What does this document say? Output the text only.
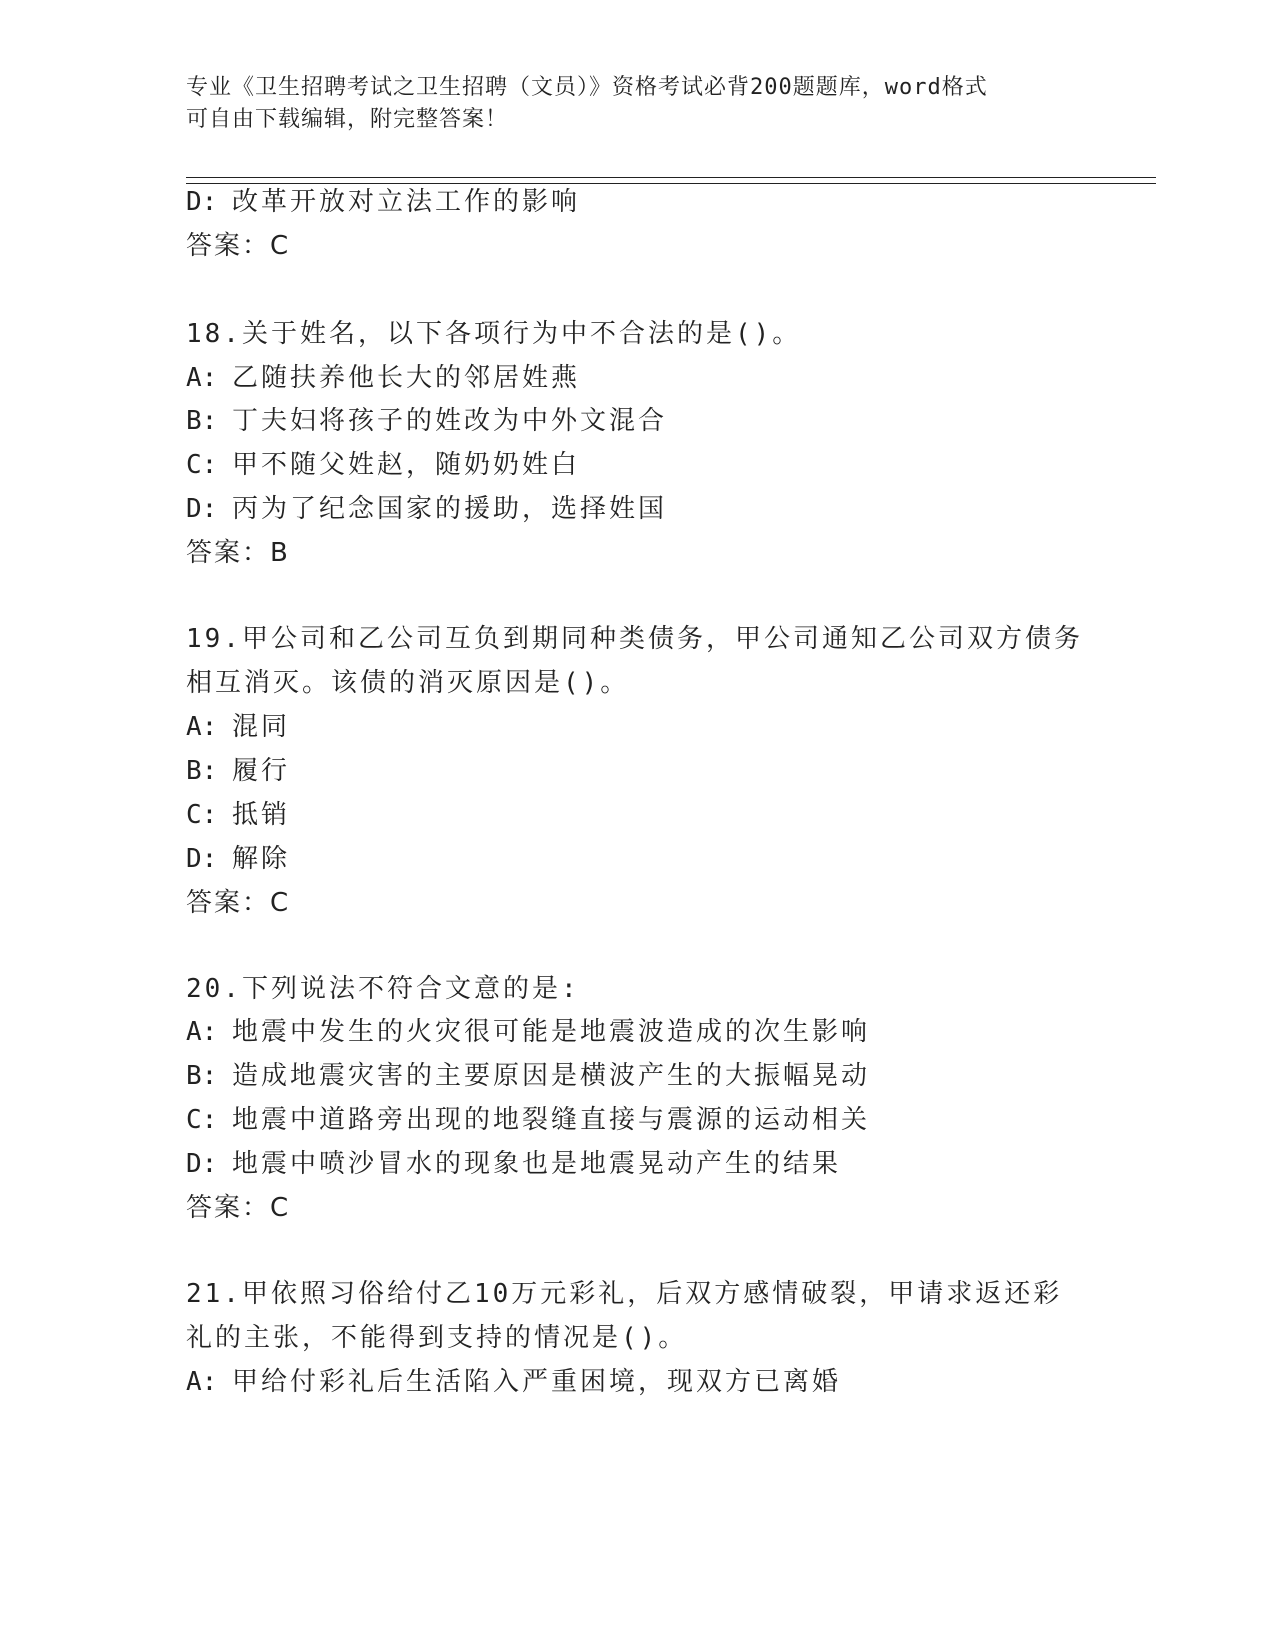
专业《卫生招聘考试之卫生招聘（文员）》资格考试必背200题题库，word格式
可自由下载编辑，附完整答案！
D: 改革开放对立法工作的影响
答案：C
18.关于姓名，以下各项行为中不合法的是()。
A: 乙随扶养他长大的邻居姓燕
B: 丁夫妇将孩子的姓改为中外文混合
C: 甲不随父姓赵，随奶奶姓白
D: 丙为了纪念国家的援助，选择姓国
答案：B
19.甲公司和乙公司互负到期同种类债务，甲公司通知乙公司双方债务
相互消灭。该债的消灭原因是()。
A: 混同
B: 履行
C: 抵销
D: 解除
答案：C
20.下列说法不符合文意的是:
A: 地震中发生的火灾很可能是地震波造成的次生影响
B: 造成地震灾害的主要原因是横波产生的大振幅晃动
C: 地震中道路旁出现的地裂缝直接与震源的运动相关
D: 地震中喷沙冒水的现象也是地震晃动产生的结果
答案：C
21.甲依照习俗给付乙10万元彩礼，后双方感情破裂，甲请求返还彩
礼的主张，不能得到支持的情况是()。
A: 甲给付彩礼后生活陷入严重困境，现双方已离婚
